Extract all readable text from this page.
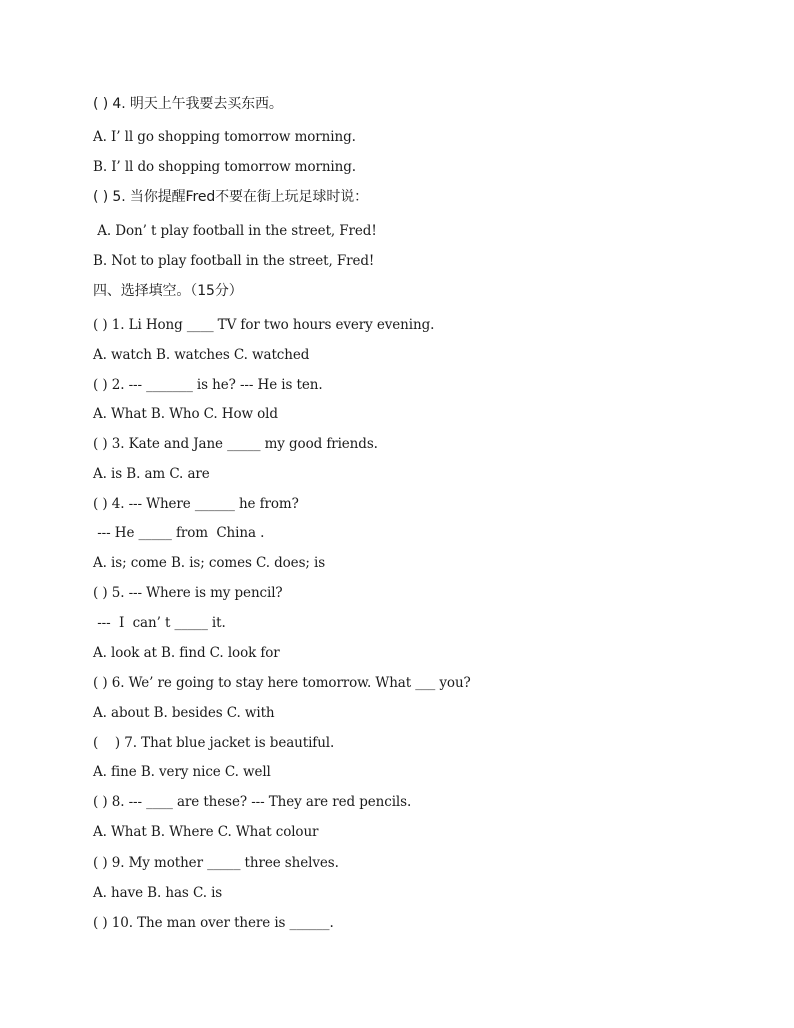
( ) 4. 明天上午我要去买东西。
A. I’ ll go shopping tomorrow morning.
B. I’ ll do shopping tomorrow morning.
( ) 5. 当你提醒Fred不要在街上玩足球时说：
A. Don’ t play football in the street, Fred!
B. Not to play football in the street, Fred!
四、选择填空。（15分）
( ) 1. Li Hong ____ TV for two hours every evening.
A. watch B. watches C. watched
( ) 2. --- _______ is he? --- He is ten.
A. What B. Who C. How old
( ) 3. Kate and Jane _____ my good friends.
A. is B. am C. are
( ) 4. --- Where ______ he from?
--- He _____ from  China .
A. is; come B. is; comes C. does; is
( ) 5. --- Where is my pencil?
---  I  can’ t _____ it.
A. look at B. find C. look for
( ) 6. We’ re going to stay here tomorrow. What ___ you?
A. about B. besides C. with
(    ) 7. That blue jacket is beautiful.
A. fine B. very nice C. well
( ) 8. --- ____ are these? --- They are red pencils.
A. What B. Where C. What colour
( ) 9. My mother _____ three shelves.
A. have B. has C. is
( ) 10. The man over there is ______.
